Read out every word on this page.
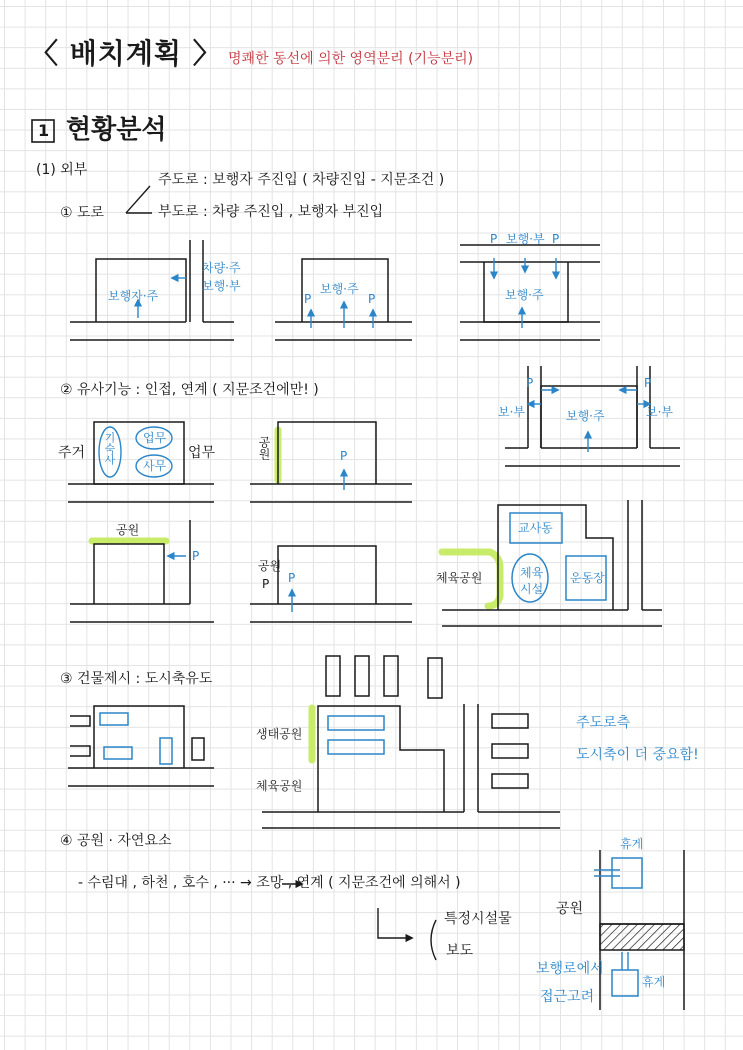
〈 배치계획 〉 명쾌한 동선에 의한 영역분리 (기능분리)
1 현황분석
(1) 외부
① 도로
주도로 : 보행자 주진입 ( 차량진입 - 지문조건 )
부도로 : 차량 주진입 , 보행자 부진입
보행자·주
차량·주
보행·부	보행·주
P	P
P 보행·부 P
보행·주
② 유사기능 : 인접, 연계 ( 지문조건에만! )	P	P
보·부	보행·주	보·부
주거 기숙사 업무
사무
업무	공원	P
공원
P
공원
P P
교사동
체육
시설
운동장
체육공원
③ 건물제시 : 도시축유도
생태공원
체육공원
주도로측
도시축이 더 중요함!
④ 공원 · 자연요소
- 수림대 , 하천 , 호수 , ··· → 조망 , 연계 ( 지문조건에 의해서 )
특정시설물
보도
휴게
공원
휴게
보행로에서
접근고려
